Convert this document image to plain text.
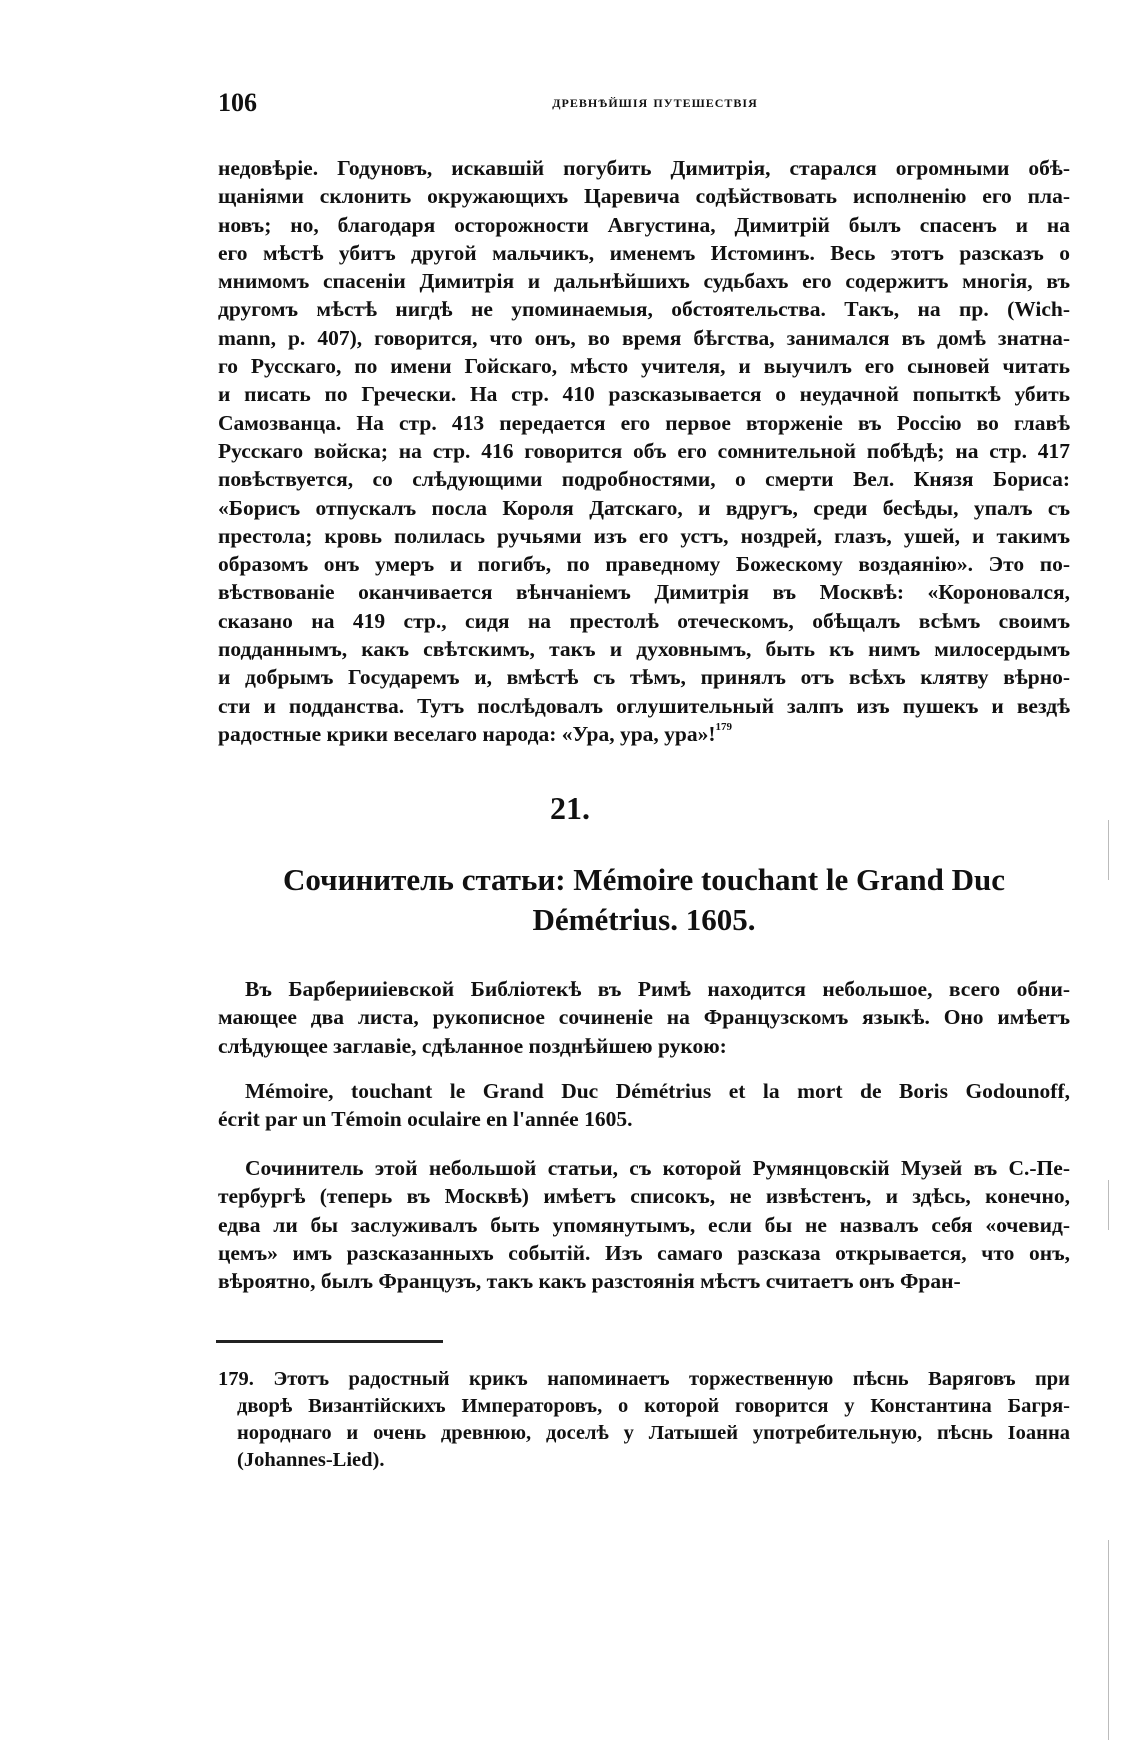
106	древнѣйшія путешествія
недовѣріе. Годуновъ, искавшій погубить Димитрія, старался огромными обѣ-
щаніями склонить окружающихъ Царевича содѣйствовать исполненію его пла-
новъ; но, благодаря осторожности Августина, Димитрій былъ спасенъ и на
его мѣстѣ убитъ другой мальчикъ, именемъ Истоминъ. Весь этотъ разсказъ о
мнимомъ спасеніи Димитрія и дальнѣйшихъ судьбахъ его содержитъ многія, въ
другомъ мѣстѣ нигдѣ не упоминаемыя, обстоятельства. Такъ, на пр. (Wich-
mann, p. 407), говорится, что онъ, во время бѣгства, занимался въ домѣ знатна-
го Русскаго, по имени Гойскаго, мѣсто учителя, и выучилъ его сыновей читать
и писать по Гречески. На стр. 410 разсказывается о неудачной попыткѣ убить
Самозванца. На стр. 413 передается его первое вторженіе въ Россію во главѣ
Русскаго войска; на стр. 416 говорится объ его сомнительной побѣдѣ; на стр. 417
повѣствуется, со слѣдующими подробностями, о смерти Вел. Князя Бориса:
«Борисъ отпускалъ посла Короля Датскаго, и вдругъ, среди бесѣды, упалъ съ
престола; кровь полилась ручьями изъ его устъ, ноздрей, глазъ, ушей, и такимъ
образомъ онъ умеръ и погибъ, по праведному Божескому воздаянію». Это по-
вѣствованіе оканчивается вѣнчаніемъ Димитрія въ Москвѣ: «Короновался,
сказано на 419 стр., сидя на престолѣ отеческомъ, обѣщалъ всѣмъ своимъ
подданнымъ, какъ свѣтскимъ, такъ и духовнымъ, быть къ нимъ милосердымъ
и добрымъ Государемъ и, вмѣстѣ съ тѣмъ, принялъ отъ всѣхъ клятву вѣрно-
сти и подданства. Тутъ послѣдовалъ оглушительный залпъ изъ пушекъ и вездѣ
радостные крики веселаго народа: «Ура, ура, ура»!$^{179}$
21.
Сочинитель статьи: Mémoire touchant le Grand Duc
Démétrius. 1605.
Въ Барберииіевской Библіотекѣ въ Римѣ находится небольшое, всего обни-
мающее два листа, рукописное сочиненіе на Французскомъ языкѣ. Оно имѣетъ
слѣдующее заглавіе, сдѣланное позднѣйшею рукою:
Mémoire, touchant le Grand Duc Démétrius et la mort de Boris Godounoff,
écrit par un Témoin oculaire en l'année 1605.
Сочинитель этой небольшой статьи, съ которой Румянцовскій Музей въ С.-Пе-
тербургѣ (теперь въ Москвѣ) имѣетъ списокъ, не извѣстенъ, и здѣсь, конечно,
едва ли бы заслуживалъ быть упомянутымъ, если бы не назвалъ себя «очевид-
цемъ» имъ разсказанныхъ событій. Изъ самаго разсказа открывается, что онъ,
вѣроятно, былъ Французъ, такъ какъ разстоянія мѣстъ считаетъ онъ Фран-
179. Этотъ радостный крикъ напоминаетъ торжественную пѣснь Варяговъ при
дворѣ Византійскихъ Императоровъ, о которой говорится у Константина Багря-
нороднаго и очень древнюю, доселѣ у Латышей употребительную, пѣснь Іоанна
(Johannes-Lied).
